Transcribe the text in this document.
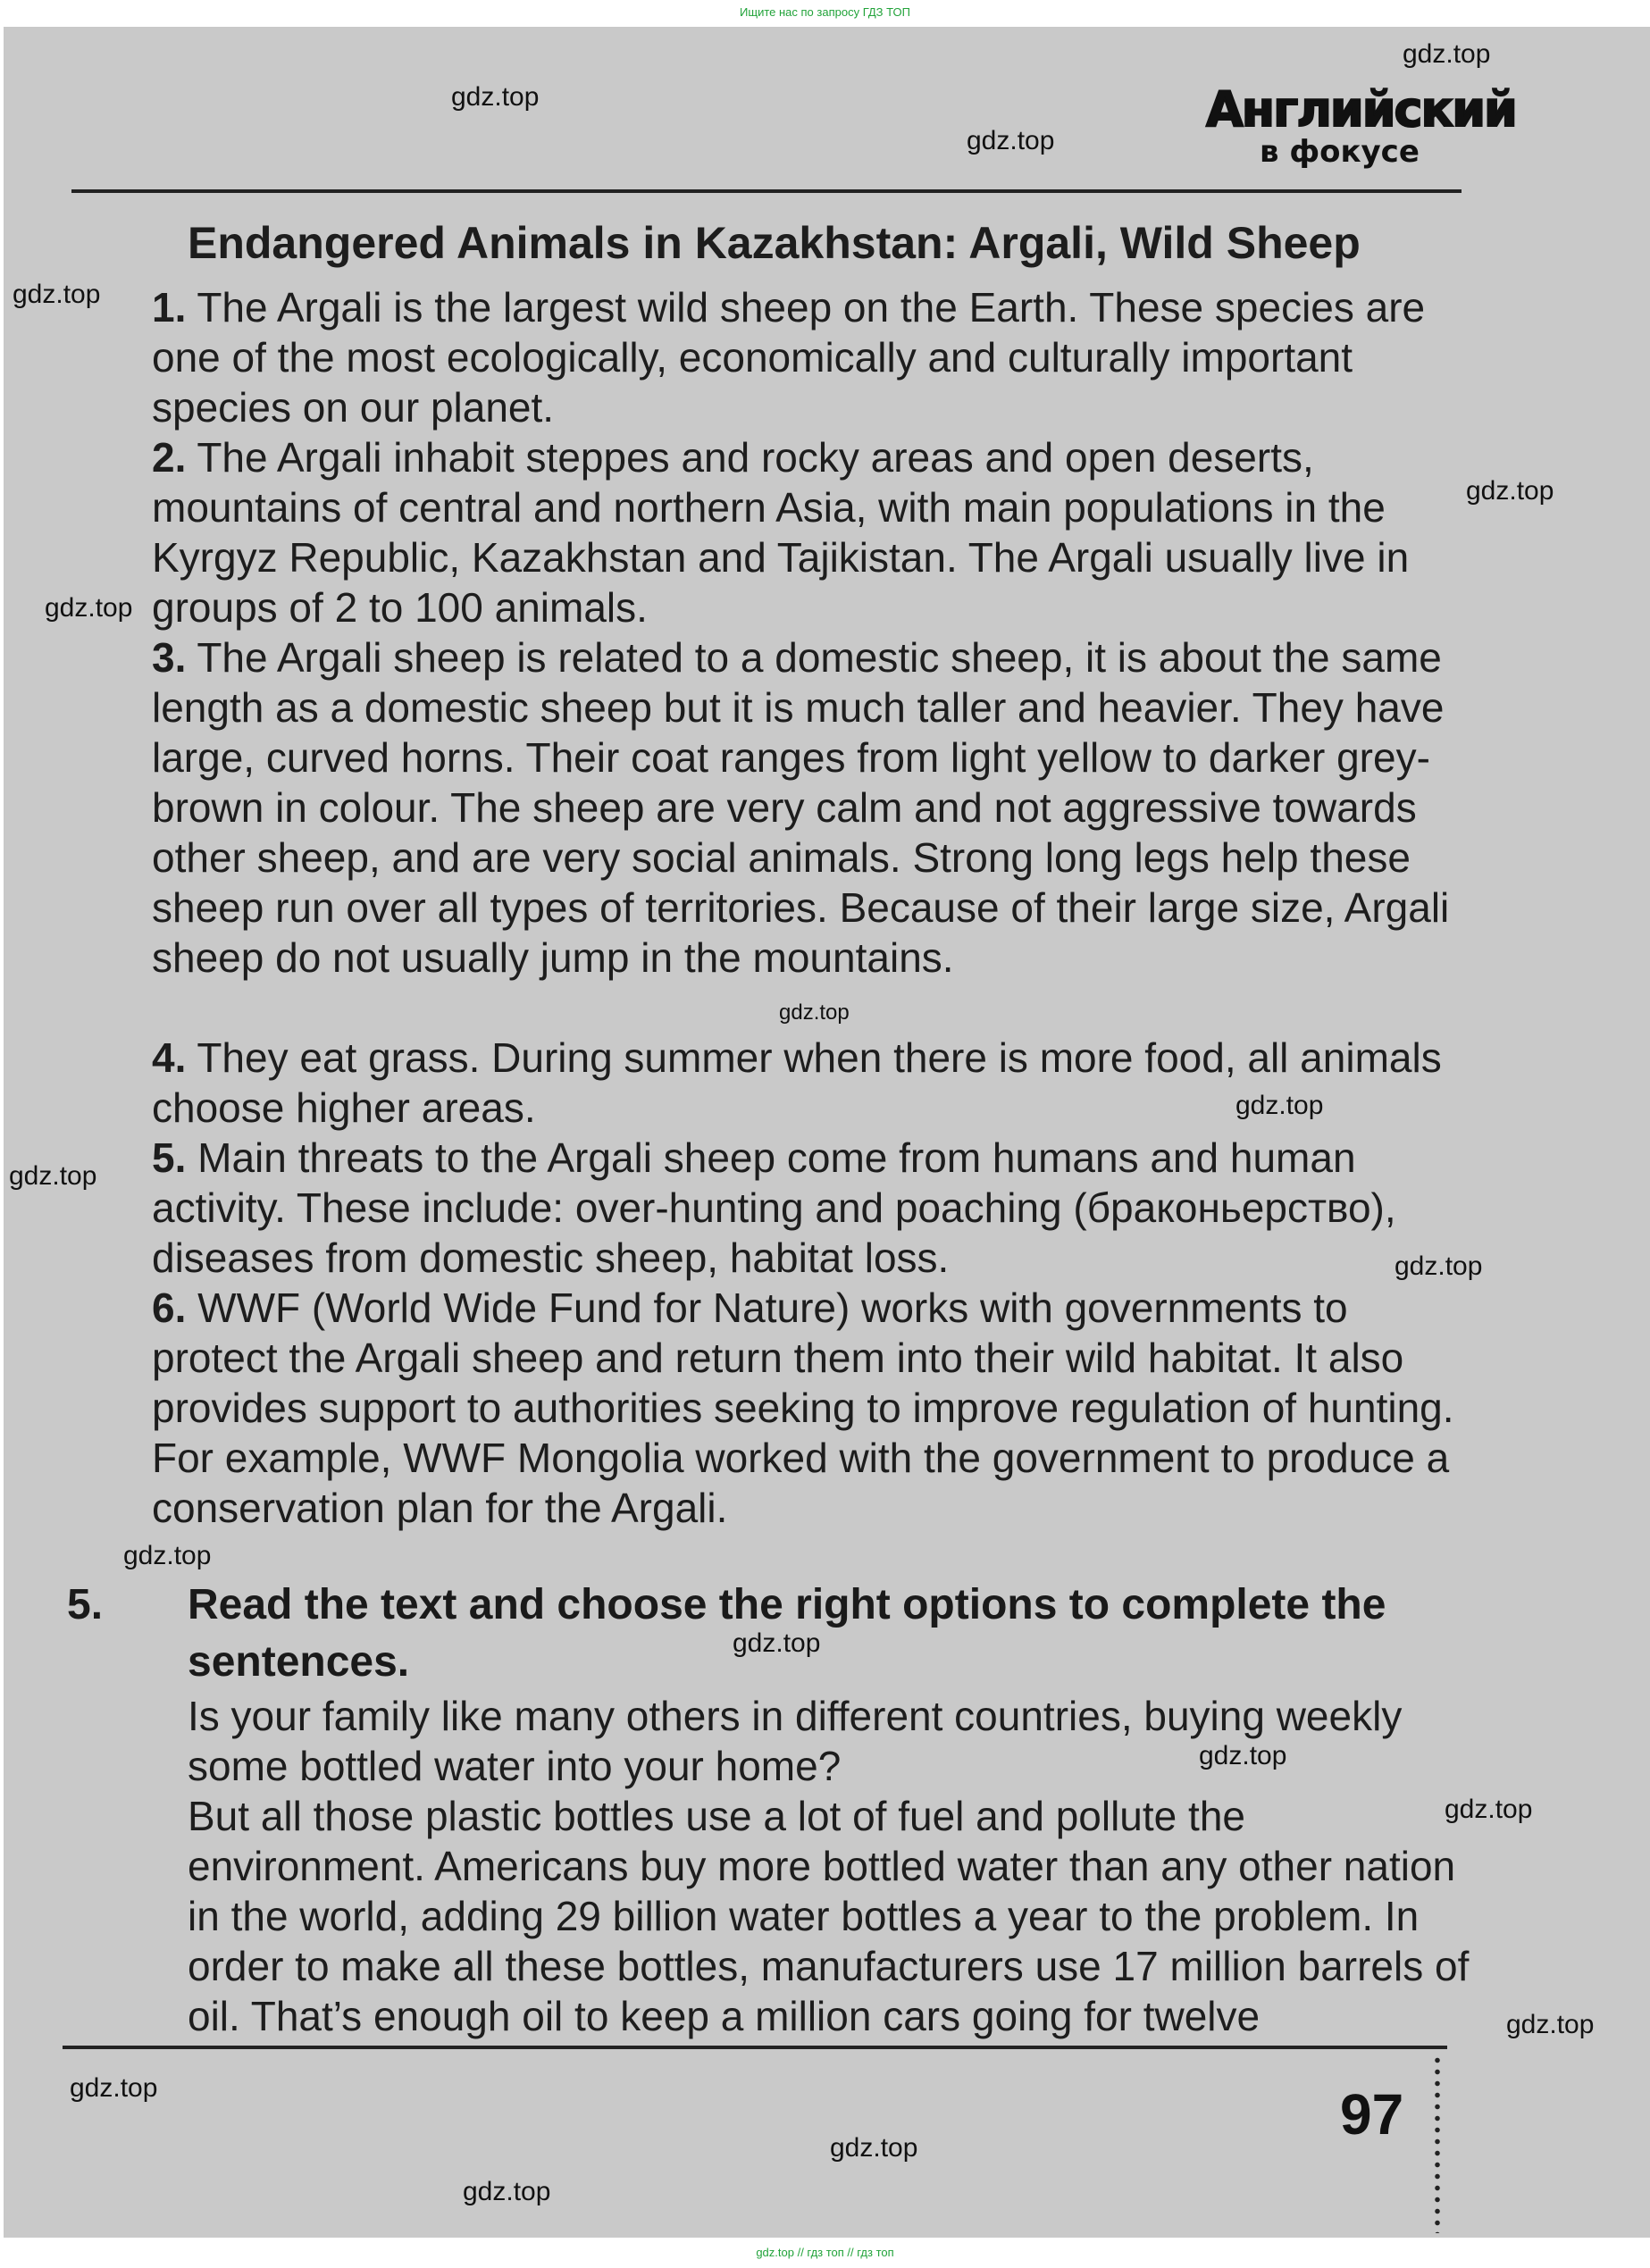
Ищите нас по запросу ГДЗ ТОП
Английский
в фокусе
Endangered Animals in Kazakhstan: Argali, Wild Sheep
1. The Argali is the largest wild sheep on the Earth. These species are one of the most ecologically, economically and culturally important species on our planet.
2. The Argali inhabit steppes and rocky areas and open deserts, mountains of central and northern Asia, with main populations in the Kyrgyz Republic, Kazakhstan and Tajikistan. The Argali usually live in groups of 2 to 100 animals.
3. The Argali sheep is related to a domestic sheep, it is about the same length as a domestic sheep but it is much taller and heavier. They have large, curved horns. Their coat ranges from light yellow to darker grey-brown in colour. The sheep are very calm and not aggressive towards other sheep, and are very social animals. Strong long legs help these sheep run over all types of territories. Because of their large size, Argali sheep do not usually jump in the mountains.
4. They eat grass. During summer when there is more food, all animals choose higher areas.
5. Main threats to the Argali sheep come from humans and human activity. These include: over-hunting and poaching (браконьерство), diseases from domestic sheep, habitat loss.
6. WWF (World Wide Fund for Nature) works with governments to protect the Argali sheep and return them into their wild habitat. It also provides support to authorities seeking to improve regulation of hunting. For example, WWF Mongolia worked with the government to produce a conservation plan for the Argali.
5. Read the text and choose the right options to complete the sentences.
Is your family like many others in different countries, buying weekly some bottled water into your home?
But all those plastic bottles use a lot of fuel and pollute the environment. Americans buy more bottled water than any other nation in the world, adding 29 billion water bottles a year to the problem. In order to make all these bottles, manufacturers use 17 million barrels of oil. That’s enough oil to keep a million cars going for twelve
97
gdz.top
gdz.top
gdz.top
gdz.top
gdz.top
gdz.top
gdz.top
gdz.top
gdz.top
gdz.top
gdz.top
gdz.top
gdz.top
gdz.top
gdz.top
gdz.top
gdz.top
gdz.top
gdz.top // гдз топ // гдз топ
